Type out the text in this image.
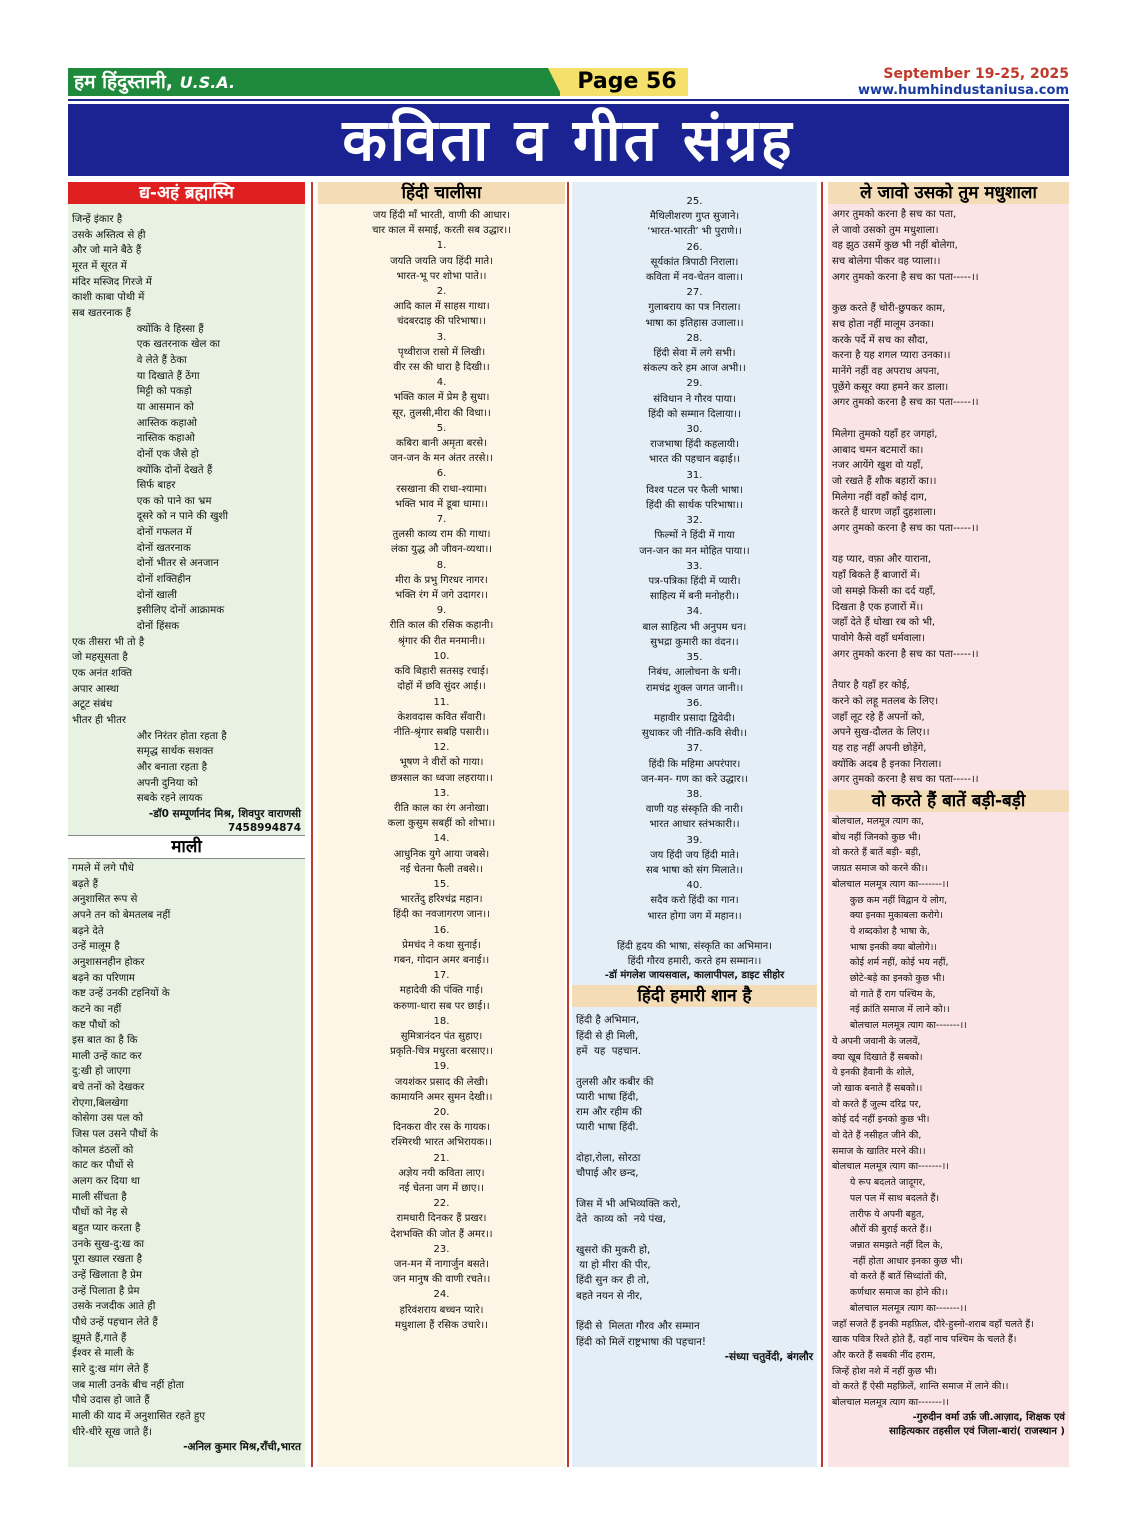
हम हिंदुस्तानी, U.S.A.	Page 56	September 19-25, 2025
www.humhindustaniusa.com
कविता व गीत संग्रह
द्य-अहं ब्रह्मास्मि
जिन्हें इंकार है
उसके अस्तित्व से ही
और जो माने बैठे हैं
मूरत में सूरत में
मंदिर मस्जिद गिरजे में
काशी काबा पोथी में
सब खतरनाक हैं
क्योंकि वे हिस्सा हैं
एक खतरनाक खेल का
वे लेते हैं ठेका
या दिखाते हैं ठेंगा
मिट्टी को पकड़ो
या आसमान को
आस्तिक कहाओ
नास्तिक कहाओ
दोनों एक जैसे हो
क्योंकि दोनों देखते हैं
सिर्फ बाहर
एक को पाने का भ्रम
दूसरे को न पाने की खुशी
दोनों गफलत में
दोनों खतरनाक
दोनों भीतर से अनजान
दोनों शक्तिहीन
दोनों खाली
इसीलिए दोनों आक्रामक
दोनों हिंसक
एक तीसरा भी तो है
जो महसूसता है
एक अनंत शक्ति
अपार आस्था
अटूट संबंध
भीतर ही भीतर
और निरंतर होता रहता है
समृद्ध सार्थक सशक्त
और बनाता रहता है
अपनी दुनिया को
सबके रहने लायक
-डॉ0 सम्पूर्णानंद मिश्र, शिवपुर वाराणसी
7458994874
माली
गमले में लगे पौधे
बढ़ते हैं
अनुशासित रूप से
अपने तन को बेमतलब नहीं
बढ़ने देते
उन्हें मालूम है
अनुशासनहीन होकर
बढ़ने का परिणाम
कष्ट उन्हें उनकी टहनियों के
कटने का नहीं
कष्ट पौधों को
इस बात का है कि
माली उन्हें काट कर
दु:खी हो जाएगा
बचे तनों को देखकर
रोएगा,बिलखेगा
कोसेगा उस पल को
जिस पल उसने पौधों के
कोमल डंठलों को
काट कर पौधों से
अलग कर दिया था
माली सींचता है
पौधों को नेह से
बहुत प्यार करता है
उनके सुख-दु:ख का
पूरा ख्याल रखता है
उन्हें खिलाता है प्रेम
उन्हें पिलाता है प्रेम
उसके नजदीक आते ही
पौधे उन्हें पहचान लेते हैं
झूमते हैं,गाते हैं
ईश्वर से माली के
सारे दु:ख मांग लेते हैं
जब माली उनके बीच नहीं होता
पौधे उदास हो जाते हैं
माली की याद में अनुशासित रहते हुए
धीरे-धीरे सूख जाते हैं।
-अनिल कुमार मिश्र,राँची,भारत
हिंदी चालीसा
जय हिंदी माँ भारती, वाणी की आधार।
चार काल में समाई, करती सब उद्धार।।
1.
जयति जयति जय हिंदी माते।
भारत-भू पर शोभा पाते।।
2.
आदि काल में साहस गाथा।
चंदबरदाइ की परिभाषा।।
3.
पृथ्वीराज रासो में लिखी।
वीर रस की धारा है दिखी।।
4.
भक्ति काल में प्रेम है सुधा।
सूर, तुलसी,मीरा की विधा।।
5.
कबिरा बानी अमृता बरसे।
जन-जन के मन अंतर तरसे।।
6.
रसखाना की राधा-श्यामा।
भक्ति भाव में डूबा धामा।।
7.
तुलसी काव्य राम की गाथा।
लंका युद्ध औ जीवन-व्यथा।।
8.
मीरा के प्रभु गिरधर नागर।
भक्ति रंग में जगे उदागर।।
9.
रीति काल की रसिक कहानी।
श्रृंगार की रीत मनमानी।।
10.
कवि बिहारी सतसइ रचाई।
दोहों में छवि सुंदर आई।।
11.
केशवदास कवित सँवारी।
नीति-श्रृंगार सबहि पसारी।।
12.
भूषण ने वीरों को गाया।
छत्रसाल का ध्वजा लहराया।।
13.
रीति काल का रंग अनोखा।
कला कुसुम सबहीं को शोभा।।
14.
आधुनिक युगे आया जबसे।
नई चेतना फैली तबसे।।
15.
भारतेंदु हरिश्चंद्र महान।
हिंदी का नवजागरण जान।।
16.
प्रेमचंद ने कथा सुनाई।
गबन, गोदान अमर बनाई।।
17.
महादेवी की पंक्ति गाई।
करुणा-धारा सब पर छाई।।
18.
सुमित्रानंदन पंत सुहाए।
प्रकृति-चित्र मधुरता बरसाए।।
19.
जयशंकर प्रसाद की लेखी।
कामायनि अमर सुमन देखी।।
20.
दिनकरा वीर रस के गायक।
रश्मिरथी भारत अभिरायक।।
21.
अज्ञेय नयी कविता लाए।
नई चेतना जग में छाए।।
22.
रामधारी दिनकर हैं प्रखर।
देशभक्ति की जोत हैं अमर।।
23.
जन-मन में नागार्जुन बसते।
जन मानुष की वाणी रचते।।
24.
हरिवंशराय बच्चन प्यारे।
मधुशाला हैं रसिक उचारे।।
25.
मैथिलीशरण गुप्त सुजाने।
‘भारत-भारती’ भी पुराणे।।
26.
सूर्यकांत त्रिपाठी निराला।
कविता में नव-चेतन वाला।।
27.
गुलाबराय का पत्र निराला।
भाषा का इतिहास उजाला।।
28.
हिंदी सेवा में लगे सभी।
संकल्प करे हम आज अभी।।
29.
संविधान ने गौरव पाया।
हिंदी को सम्मान दिलाया।।
30.
राजभाषा हिंदी कहलायी।
भारत की पहचान बढ़ाई।।
31.
विश्व पटल पर फैली भाषा।
हिंदी की सार्थक परिभाषा।।
32.
फिल्मों ने हिंदी में गाया
जन-जन का मन मोहित पाया।।
33.
पत्र-पत्रिका हिंदी में प्यारी।
साहित्य में बनी मनोहरी।।
34.
बाल साहित्य भी अनुपम धन।
सुभद्रा कुमारी का वंदन।।
35.
निबंध, आलोचना के धनी।
रामचंद्र शुक्ल जगत जानी।।
36.
महावीर प्रसादा द्विवेदी।
सुधाकर जी नीति-कवि सेवी।।
37.
हिंदी कि महिमा अपरंपार।
जन-मन- गण का करे उद्धार।।
38.
वाणी यह संस्कृति की नारी।
भारत आधार स्तंभकारी।।
39.
जय हिंदी जय हिंदी माते।
सब भाषा को संग मिलाते।।
40.
सदैव करो हिंदी का गान।
भारत होगा जग में महान।।

हिंदी हृदय की भाषा, संस्कृति का अभिमान।
हिंदी गौरव हमारी, करते हम सम्मान।।
-डॉ मंगलेश जायसवाल, कालापीपल, डाइट सीहोर
हिंदी हमारी शान है
हिंदी है अभिमान,
हिंदी से ही मिली,
हमें  यह  पहचान.

तुलसी और कबीर की
प्यारी भाषा हिंदी,
राम और रहीम की
प्यारी भाषा हिंदी.

दोहा,रोला, सोरठा
चौपाई और छन्द,

जिस में भी अभिव्यक्ति करो,
देते  काव्य को  नये पंख,

खुसरो की मुकरी हो,
या हो मीरा की पीर,
हिंदी सुन कर ही तो,
बहते नयन से नीर,

हिंदी से  मिलता गौरव और सम्मान
हिंदी को मिलें राष्ट्रभाषा की पहचान!
-संध्या चतुर्वेदी, बंगलौर
ले जावो उसको तुम मधुशाला
अगर तुमको करना है सच का पता,
ले जावो उसको तुम मधुशाला।
वह झुठ उसमें कुछ भी नहीं बोलेगा,
सच बोलेगा पीकर वह प्याला।।
अगर तुमको करना है सच का पता-----।।

कुछ करते हैं चोरी-छुपकर काम,
सच होता नहीं मालूम उनका।
करके पर्दे में सच का सौदा,
करना है यह शगल प्यारा उनका।।
मानेंगे नहीं वह अपराध अपना,
पूछेंगे कसूर क्या हमने कर डाला।
अगर तुमको करना है सच का पता-----।।

मिलेगा तुमको यहाँ हर जगहां,
आबाद चमन बटमारों का।
नजर आयेंगे खुश वो यहाँ,
जो रखते हैं शौक बहारों का।।
मिलेगा नहीं वहाँ कोई दाग,
करते हैं धारण जहाँ दुहशाला।
अगर तुमको करना है सच का पता-----।।

यह प्यार, वफ़ा और याराना,
यहाँ बिकते हैं बाजारों में।
जो समझे किसी का दर्द यहाँ,
दिखता है एक हजारों में।।
जहाँ देते हैं धोखा रब को भी,
पावोगे कैसे वहाँ धर्मवाला।
अगर तुमको करना है सच का पता-----।।

तैयार है यहाँ हर कोई,
करने को लहू मतलब के लिए।
जहाँ लूट रहे हैं अपनों को,
अपने सुख-दौलत के लिए।।
यह राह नहीं अपनी छोड़ेंगे,
क्योंकि अदब है इनका निराला।
अगर तुमको करना है सच का पता-----।।
वो करते हैं बातें बड़ी-बड़ी
बोलचाल, मलमूत्र त्याग का,
बोध नहीं जिनको कुछ भी।
वो करते हैं बातें बड़ी- बड़ी,
जाग्रत समाज को करने की।।
बोलचाल मलमूत्र त्याग का-------।।
कुछ कम नहीं विद्वान ये लोग,
क्या इनका मुकाबला करोगे।
ये शब्दकोश है भाषा के,
भाषा इनकी क्या बोलोगे।।
कोई शर्म नहीं, कोई भय नहीं,
छोटे-बड़े का इनको कुछ भी।
वो गाते हैं राग पश्चिम के,
नई क्रांति समाज में लाने को।।
बोलचाल मलमूत्र त्याग का-------।।
ये अपनी जवानी के जलवें,
क्या खूब दिखाते हैं सबको।
ये इनकी हैवानी के शोले,
जो खाक बनाते हैं सबको।।
वो करते हैं जुल्म दरिद्र पर,
कोई दर्द नहीं इनको कुछ भी।
वो देते हैं नसीहत जीने की,
समाज के खातिर मरने की।।
बोलचाल मलमूत्र त्याग का-------।।
ये रूप बदलते जादूगर,
पल पल में साथ बदलते हैं।
तारीफ ये अपनी बहुत,
औरों की बुराई करते हैं।।
जन्नात समझते नहीं दिल के,
नहीं होता आधार इनका कुछ भी।
वो करते हैं बातें सिध्दांतों की,
कर्णधार समाज का होने की।।
बोलचाल मलमूत्र त्याग का-------।।
जहाँ सजते हैं इनकी महफ़िल, दौरे-हुस्नो-शराब वहाँ चलते हैं।
खाक पवित्र रिश्ते होते हैं, वहाँ नाच पश्चिम के चलते हैं।
और करते हैं सबकी नींद हराम,
जिन्हें होश नशे में नहीं कुछ भी।
वो करते हैं ऐसी महफ़िलें, शान्ति समाज में लाने की।।
बोलचाल मलमूत्र त्याग का-------।।
-गुरुदीन वर्मा उर्फ़ जी.आज़ाद, शिक्षक एवं
साहित्यकार तहसील एवं जिला-बारां( राजस्थान )
